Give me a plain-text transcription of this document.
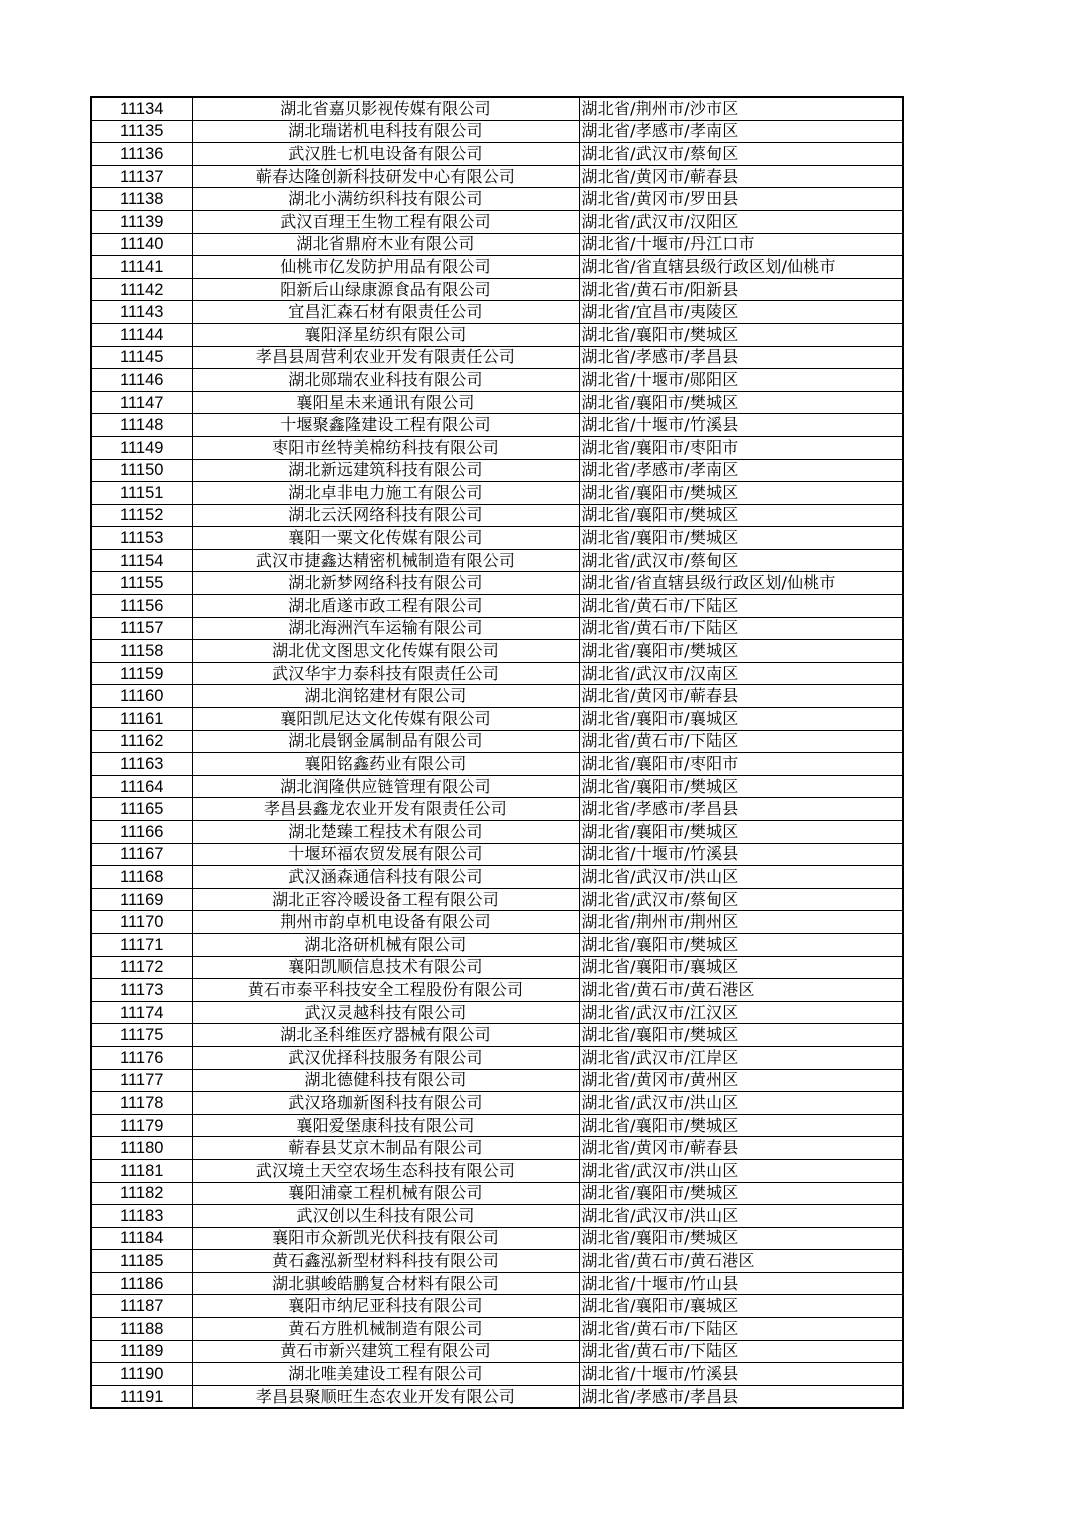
11134	湖北省嘉贝影视传媒有限公司	湖北省/荆州市/沙市区
11135	湖北瑞诺机电科技有限公司	湖北省/孝感市/孝南区
11136	武汉胜七机电设备有限公司	湖北省/武汉市/蔡甸区
11137	蕲春达隆创新科技研发中心有限公司	湖北省/黄冈市/蕲春县
11138	湖北小满纺织科技有限公司	湖北省/黄冈市/罗田县
11139	武汉百理王生物工程有限公司	湖北省/武汉市/汉阳区
11140	湖北省鼎府木业有限公司	湖北省/十堰市/丹江口市
11141	仙桃市亿发防护用品有限公司	湖北省/省直辖县级行政区划/仙桃市
11142	阳新后山绿康源食品有限公司	湖北省/黄石市/阳新县
11143	宜昌汇森石材有限责任公司	湖北省/宜昌市/夷陵区
11144	襄阳泽星纺织有限公司	湖北省/襄阳市/樊城区
11145	孝昌县周营利农业开发有限责任公司	湖北省/孝感市/孝昌县
11146	湖北郧瑞农业科技有限公司	湖北省/十堰市/郧阳区
11147	襄阳星未来通讯有限公司	湖北省/襄阳市/樊城区
11148	十堰聚鑫隆建设工程有限公司	湖北省/十堰市/竹溪县
11149	枣阳市丝特美棉纺科技有限公司	湖北省/襄阳市/枣阳市
11150	湖北新远建筑科技有限公司	湖北省/孝感市/孝南区
11151	湖北卓非电力施工有限公司	湖北省/襄阳市/樊城区
11152	湖北云沃网络科技有限公司	湖北省/襄阳市/樊城区
11153	襄阳一粟文化传媒有限公司	湖北省/襄阳市/樊城区
11154	武汉市捷鑫达精密机械制造有限公司	湖北省/武汉市/蔡甸区
11155	湖北新梦网络科技有限公司	湖北省/省直辖县级行政区划/仙桃市
11156	湖北盾遂市政工程有限公司	湖北省/黄石市/下陆区
11157	湖北海洲汽车运输有限公司	湖北省/黄石市/下陆区
11158	湖北优文图思文化传媒有限公司	湖北省/襄阳市/樊城区
11159	武汉华宇力泰科技有限责任公司	湖北省/武汉市/汉南区
11160	湖北润铭建材有限公司	湖北省/黄冈市/蕲春县
11161	襄阳凯尼达文化传媒有限公司	湖北省/襄阳市/襄城区
11162	湖北晨钢金属制品有限公司	湖北省/黄石市/下陆区
11163	襄阳铭鑫药业有限公司	湖北省/襄阳市/枣阳市
11164	湖北润隆供应链管理有限公司	湖北省/襄阳市/樊城区
11165	孝昌县鑫龙农业开发有限责任公司	湖北省/孝感市/孝昌县
11166	湖北楚臻工程技术有限公司	湖北省/襄阳市/樊城区
11167	十堰环福农贸发展有限公司	湖北省/十堰市/竹溪县
11168	武汉涵森通信科技有限公司	湖北省/武汉市/洪山区
11169	湖北正容冷暖设备工程有限公司	湖北省/武汉市/蔡甸区
11170	荆州市韵卓机电设备有限公司	湖北省/荆州市/荆州区
11171	湖北洛研机械有限公司	湖北省/襄阳市/樊城区
11172	襄阳凯顺信息技术有限公司	湖北省/襄阳市/襄城区
11173	黄石市泰平科技安全工程股份有限公司	湖北省/黄石市/黄石港区
11174	武汉灵越科技有限公司	湖北省/武汉市/江汉区
11175	湖北圣科维医疗器械有限公司	湖北省/襄阳市/樊城区
11176	武汉优择科技服务有限公司	湖北省/武汉市/江岸区
11177	湖北德健科技有限公司	湖北省/黄冈市/黄州区
11178	武汉珞珈新图科技有限公司	湖北省/武汉市/洪山区
11179	襄阳爱堡康科技有限公司	湖北省/襄阳市/樊城区
11180	蕲春县艾京木制品有限公司	湖北省/黄冈市/蕲春县
11181	武汉境土天空农场生态科技有限公司	湖北省/武汉市/洪山区
11182	襄阳浦豪工程机械有限公司	湖北省/襄阳市/樊城区
11183	武汉创以生科技有限公司	湖北省/武汉市/洪山区
11184	襄阳市众新凯光伏科技有限公司	湖北省/襄阳市/樊城区
11185	黄石鑫泓新型材料科技有限公司	湖北省/黄石市/黄石港区
11186	湖北骐峻皓鹏复合材料有限公司	湖北省/十堰市/竹山县
11187	襄阳市纳尼亚科技有限公司	湖北省/襄阳市/襄城区
11188	黄石方胜机械制造有限公司	湖北省/黄石市/下陆区
11189	黄石市新兴建筑工程有限公司	湖北省/黄石市/下陆区
11190	湖北唯美建设工程有限公司	湖北省/十堰市/竹溪县
11191	孝昌县聚顺旺生态农业开发有限公司	湖北省/孝感市/孝昌县
